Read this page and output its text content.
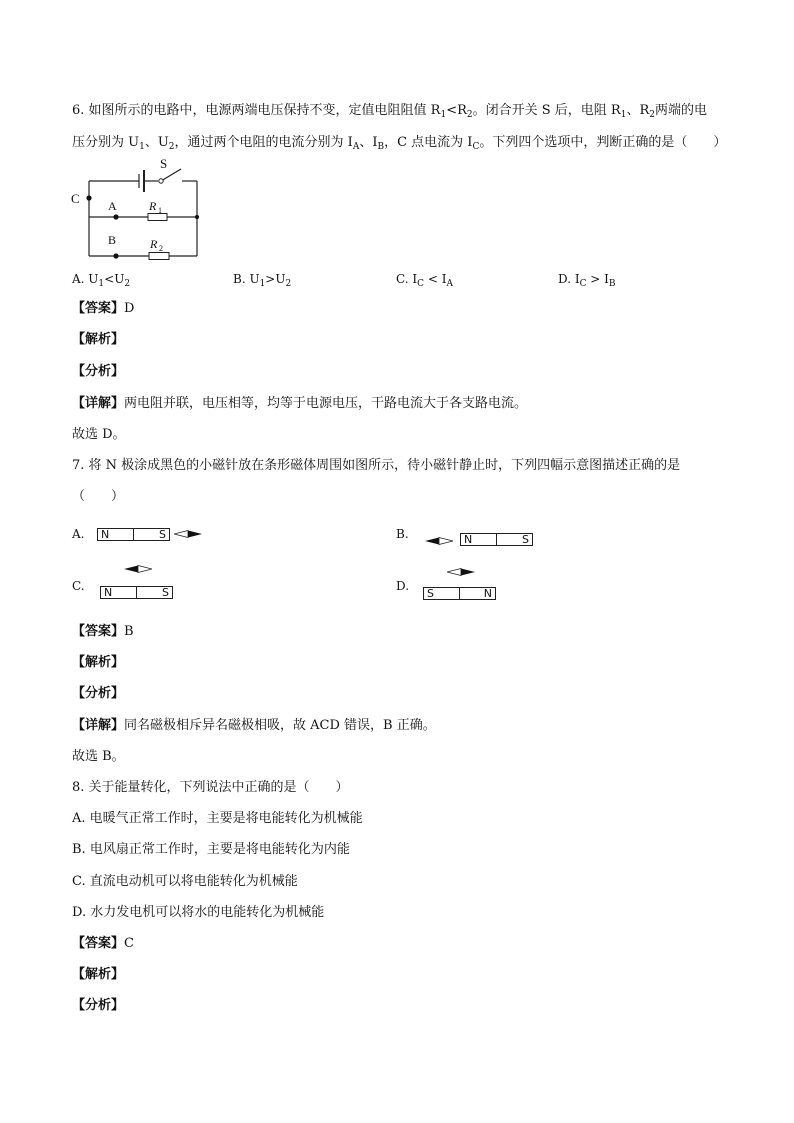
6. 如图所示的电路中，电源两端电压保持不变，定值电阻阻值 $R_1<R_2$。闭合开关 S 后，电阻 $R_1$、$R_2$两端的电
压分别为 $U_1$、$U_2$，通过两个电阻的电流分别为 $I_A$、$I_B$，C 点电流为 $I_C$。下列四个选项中，判断正确的是（　　）
S
C A
B
R 1
R 2
A. $U_1<U_2$	B. $U_1>U_2$	C. $I_C < I_A$	D. $I_C > I_B$
【答案】D
【解析】
【分析】
【详解】两电阻并联，电压相等，均等于电源电压，干路电流大于各支路电流。
故选 D。
7. 将 N 极涂成黑色的小磁针放在条形磁体周围如图所示，待小磁针静止时，下列四幅示意图描述正确的是
（　　）
A. N	S	B.	N	S
C. N	S	D.
S	N
【答案】B
【解析】
【分析】
【详解】同名磁极相斥异名磁极相吸，故 ACD 错误，B 正确。
故选 B。
8. 关于能量转化，下列说法中正确的是（　　）
A. 电暖气正常工作时，主要是将电能转化为机械能
B. 电风扇正常工作时，主要是将电能转化为内能
C. 直流电动机可以将电能转化为机械能
D. 水力发电机可以将水的电能转化为机械能
【答案】C
【解析】
【分析】
